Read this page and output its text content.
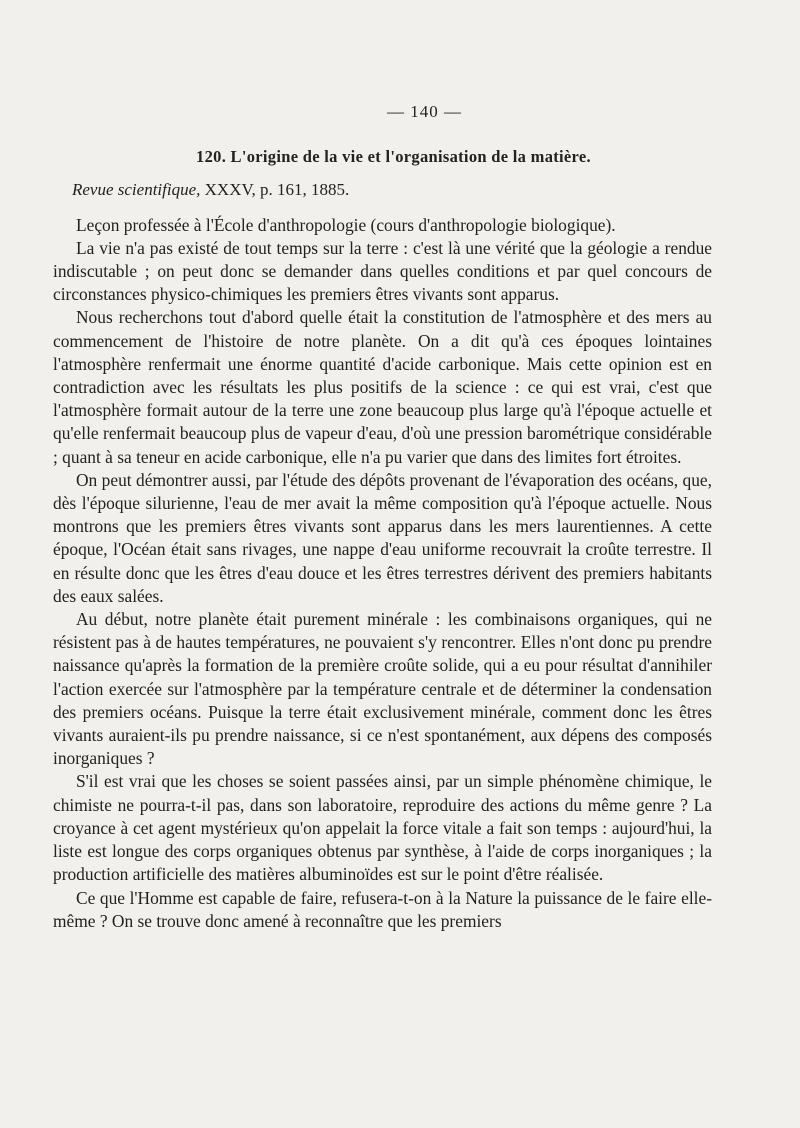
— 140 —
120. L'origine de la vie et l'organisation de la matière.
Revue scientifique, XXXV, p. 161, 1885.

Leçon professée à l'École d'anthropologie (cours d'anthropologie biologique).

La vie n'a pas existé de tout temps sur la terre : c'est là une vérité que la géologie a rendue indiscutable ; on peut donc se demander dans quelles conditions et par quel concours de circonstances physico-chimiques les premiers êtres vivants sont apparus.

Nous recherchons tout d'abord quelle était la constitution de l'atmosphère et des mers au commencement de l'histoire de notre planète. On a dit qu'à ces époques lointaines l'atmosphère renfermait une énorme quantité d'acide carbonique. Mais cette opinion est en contradiction avec les résultats les plus positifs de la science : ce qui est vrai, c'est que l'atmosphère formait autour de la terre une zone beaucoup plus large qu'à l'époque actuelle et qu'elle renfermait beaucoup plus de vapeur d'eau, d'où une pression barométrique considérable ; quant à sa teneur en acide carbonique, elle n'a pu varier que dans des limites fort étroites.

On peut démontrer aussi, par l'étude des dépôts provenant de l'évaporation des océans, que, dès l'époque silurienne, l'eau de mer avait la même composition qu'à l'époque actuelle. Nous montrons que les premiers êtres vivants sont apparus dans les mers laurentiennes. A cette époque, l'Océan était sans rivages, une nappe d'eau uniforme recouvrait la croûte terrestre. Il en résulte donc que les êtres d'eau douce et les êtres terrestres dérivent des premiers habitants des eaux salées.

Au début, notre planète était purement minérale : les combinaisons organiques, qui ne résistent pas à de hautes températures, ne pouvaient s'y rencontrer. Elles n'ont donc pu prendre naissance qu'après la formation de la première croûte solide, qui a eu pour résultat d'annihiler l'action exercée sur l'atmosphère par la température centrale et de déterminer la condensation des premiers océans. Puisque la terre était exclusivement minérale, comment donc les êtres vivants auraient-ils pu prendre naissance, si ce n'est spontanément, aux dépens des composés inorganiques ?

S'il est vrai que les choses se soient passées ainsi, par un simple phénomène chimique, le chimiste ne pourra-t-il pas, dans son laboratoire, reproduire des actions du même genre ? La croyance à cet agent mystérieux qu'on appelait la force vitale a fait son temps : aujourd'hui, la liste est longue des corps organiques obtenus par synthèse, à l'aide de corps inorganiques ; la production artificielle des matières albuminoïdes est sur le point d'être réalisée.

Ce que l'Homme est capable de faire, refusera-t-on à la Nature la puissance de le faire elle-même ? On se trouve donc amené à reconnaître que les premiers
